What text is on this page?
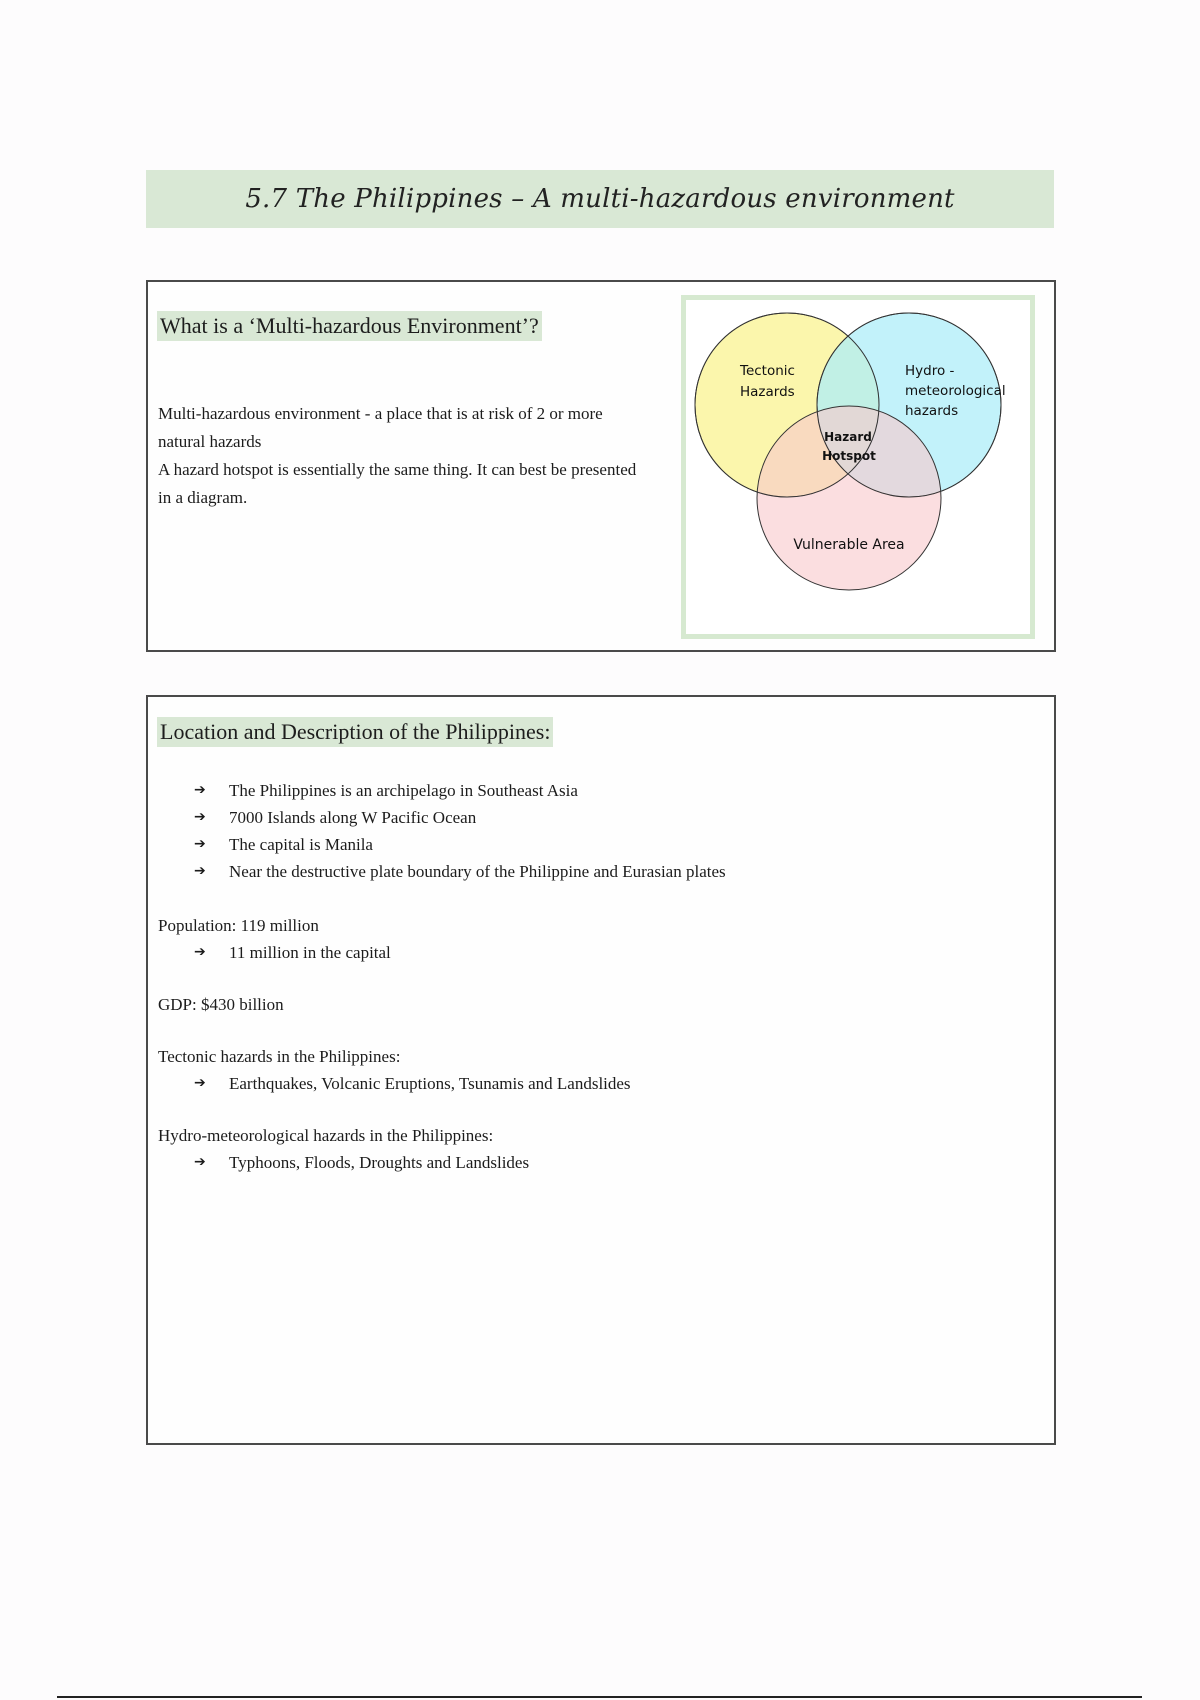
5.7 The Philippines – A multi-hazardous environment
What is a ‘Multi-hazardous Environment’?

Multi-hazardous environment - a place that is at risk of 2 or more natural hazards

A hazard hotspot is essentially the same thing. It can best be presented in a diagram.

Tectonic
Hazards
Hydro -
meteorological
hazards
Hazard
Hotspot
Vulnerable Area
Location and Description of the Philippines:
➔ The Philippines is an archipelago in Southeast Asia
➔ 7000 Islands along W Pacific Ocean
➔ The capital is Manila
➔ Near the destructive plate boundary of the Philippine and Eurasian plates

Population: 119 million

➔ 11 million in the capital

GDP: $430 billion

Tectonic hazards in the Philippines:

➔ Earthquakes, Volcanic Eruptions, Tsunamis and Landslides

Hydro-meteorological hazards in the Philippines:

➔ Typhoons, Floods, Droughts and Landslides
